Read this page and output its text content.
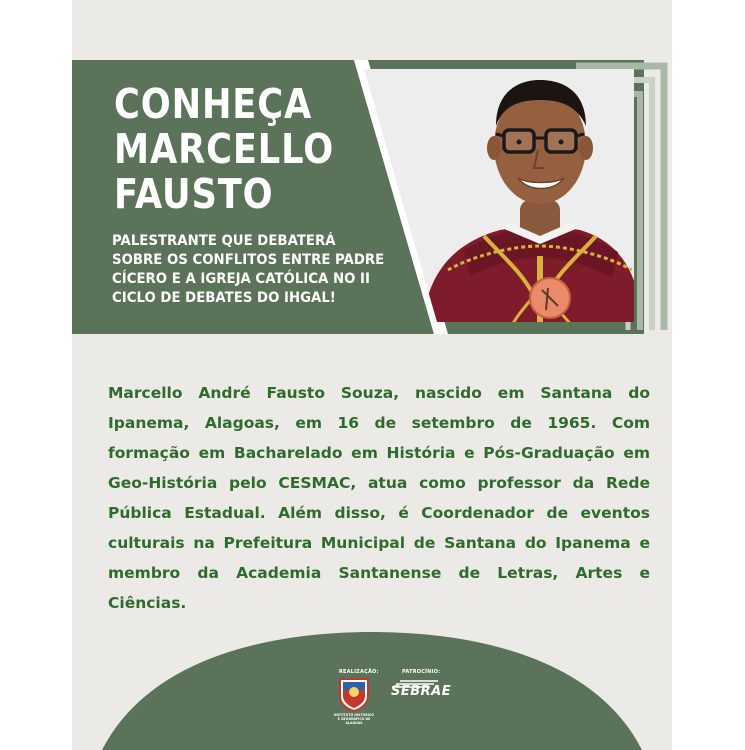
CONHEÇA
MARCELLO
FAUSTO

PALESTRANTE QUE DEBATERÁ
SOBRE OS CONFLITOS ENTRE PADRE
CÍCERO E A IGREJA CATÓLICA NO II
CICLO DE DEBATES DO IHGAL!

Marcello André Fausto Souza, nascido em Santana do Ipanema, Alagoas, em 16 de setembro de 1965. Com formação em Bacharelado em História e Pós-Graduação em Geo-História pelo CESMAC, atua como professor da Rede Pública Estadual. Além disso, é Coordenador de eventos culturais na Prefeitura Municipal de Santana do Ipanema e membro da Academia Santanense de Letras, Artes e Ciências.

REALIZAÇÃO:
INSTITUTO HISTÓRICO E GEOGRÁFICO DE ALAGOAS
PATROCÍNIO:
SEBRAE
